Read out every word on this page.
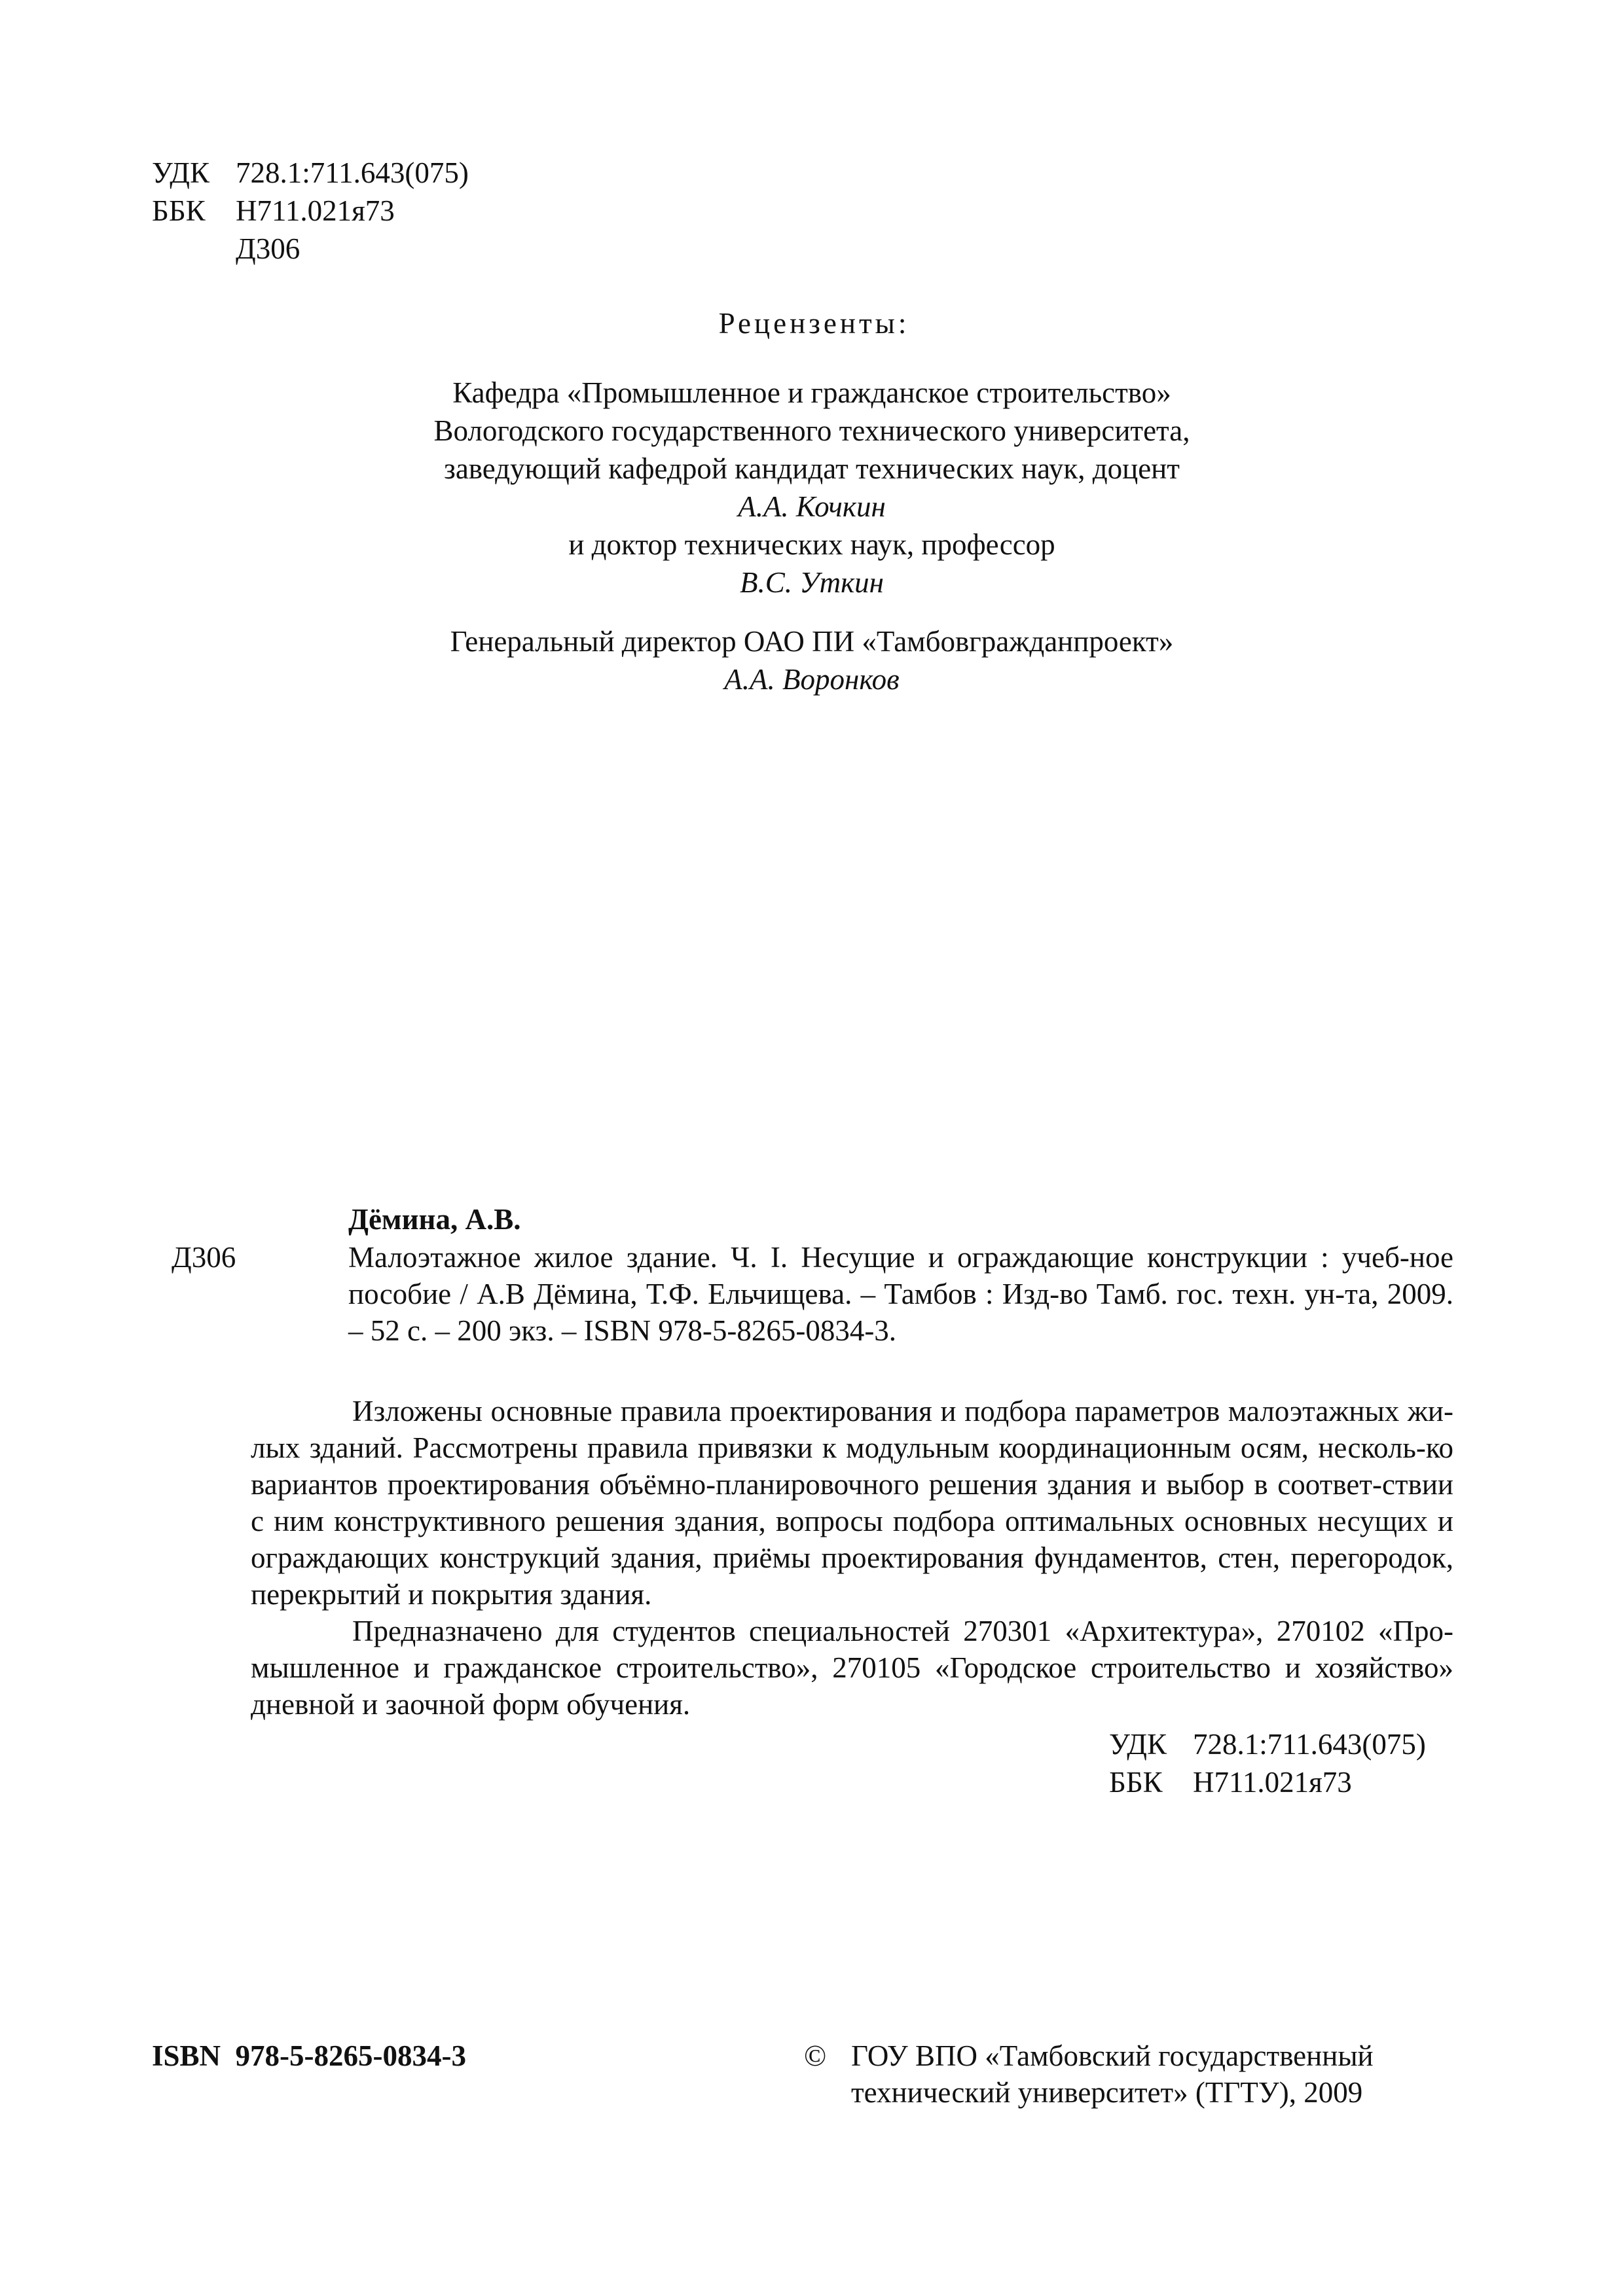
УДК 728.1:711.643(075)
ББК Н711.021я73
Д306
Рецензенты:

Кафедра «Промышленное и гражданское строительство»

Вологодского государственного технического университета,

заведующий кафедрой кандидат технических наук, доцент

А.А. Кочкин

и доктор технических наук, профессор

В.С. Уткин

Генеральный директор ОАО ПИ «Тамбовгражданпроект»

А.А. Воронков

Дёмина, А.В.
Д306	Малоэтажное жилое здание. Ч. I. Несущие и ограждающие конструкции : учеб-ное пособие / А.В Дёмина, Т.Ф. Ельчищева. – Тамбов : Изд-во Тамб. гос. техн. ун-та, 2009. – 52 с. – 200 экз. – ISBN 978-5-8265-0834-3.

Изложены основные правила проектирования и подбора параметров малоэтажных жи-лых зданий. Рассмотрены правила привязки к модульным координационным осям, несколь-ко вариантов проектирования объёмно-планировочного решения здания и выбор в соответ-ствии с ним конструктивного решения здания, вопросы подбора оптимальных основных несущих и ограждающих конструкций здания, приёмы проектирования фундаментов, стен, перегородок, перекрытий и покрытия здания.

Предназначено для студентов специальностей 270301 «Архитектура», 270102 «Про-мышленное и гражданское строительство», 270105 «Городское строительство и хозяйство» дневной и заочной форм обучения.

УДК 728.1:711.643(075)
ББК Н711.021я73
ISBN  978-5-8265-0834-3	© ГОУ ВПО «Тамбовский государственный
технический университет» (ТГТУ), 2009
